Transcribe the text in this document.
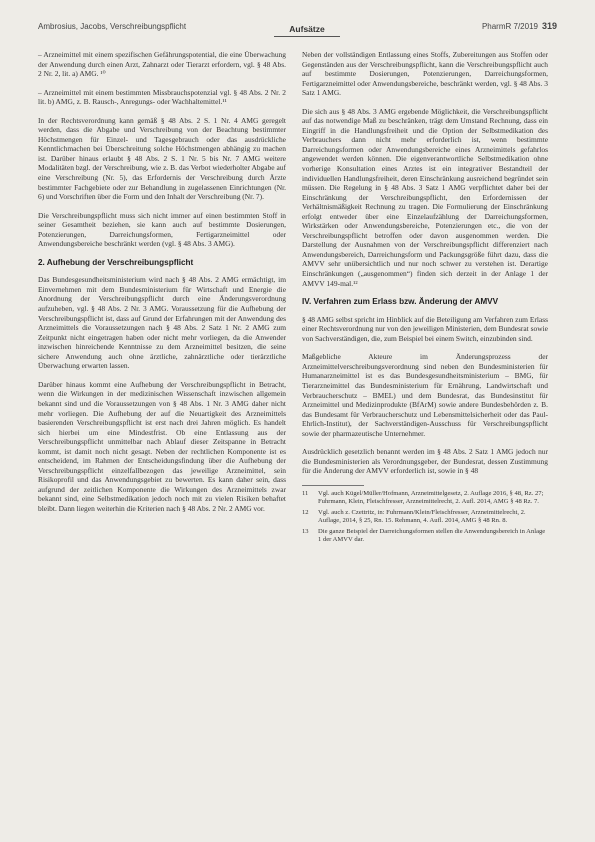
Ambrosius, Jacobs, Verschreibungspflicht	Aufsätze	PharmR 7/2019 319

– Arzneimittel mit einem spezifischen Gefährungspotential, die eine Überwachung der Anwendung durch einen Arzt, Zahnarzt oder Tierarzt erfordern, vgl. § 48 Abs. 2 Nr. 2, lit. a) AMG. ¹⁰

– Arzneimittel mit einem bestimmten Missbrauchspotenzial vgl. § 48 Abs. 2 Nr. 2 lit. b) AMG, z. B. Rausch-, Anregungs- oder Wachhaltemittel.¹¹

In der Rechtsverordnung kann gemäß § 48 Abs. 2 S. 1 Nr. 4 AMG geregelt werden, dass die Abgabe und Verschreibung von der Beachtung bestimmter Höchstmengen für Einzel- und Tagesgebrauch oder das ausdrückliche Kenntlichmachen bei Überschreitung solche Höchstmengen abhängig zu machen ist. Darüber hinaus erlaubt § 48 Abs. 2 S. 1 Nr. 5 bis Nr. 7 AMG weitere Modalitäten bzgl. der Verschreibung, wie z. B. das Verbot wiederholter Abgabe auf eine Verschreibung (Nr. 5), das Erfordernis der Verschreibung durch Ärzte bestimmter Fachgebiete oder zur Behandlung in zugelassenen Einrichtungen (Nr. 6) und Vorschriften über die Form und den Inhalt der Verschreibung (Nr. 7).

Die Verschreibungspflicht muss sich nicht immer auf einen bestimmten Stoff in seiner Gesamtheit beziehen, sie kann auch auf bestimmte Dosierungen, Potenzierungen, Darreichungsformen, Fertigarzneimittel oder Anwendungsbereiche beschränkt werden (vgl. § 48 Abs. 3 AMG).

2. Aufhebung der Verschreibungspflicht

Das Bundesgesundheitsministerium wird nach § 48 Abs. 2 AMG ermächtigt, im Einvernehmen mit dem Bundesministerium für Wirtschaft und Energie die Anordnung der Verschreibungspflicht durch eine Änderungsverordnung aufzuheben, vgl. § 48 Abs. 2 Nr. 3 AMG. Voraussetzung für die Aufhebung der Verschreibungspflicht ist, dass auf Grund der Erfahrungen mit der Anwendung des Arzneimittels die Voraussetzungen nach § 48 Abs. 2 Satz 1 Nr. 2 AMG zum Zeitpunkt nicht eingetragen haben oder nicht mehr vorliegen, da die Anwender inzwischen hinreichende Kenntnisse zu dem Arzneimittel besitzen, die seine sichere Anwendung auch ohne ärztliche, zahnärztliche oder tierärztliche Überwachung erwarten lassen.

Darüber hinaus kommt eine Aufhebung der Verschreibungspflicht in Betracht, wenn die Wirkungen in der medizinischen Wissenschaft inzwischen allgemein bekannt sind und die Voraussetzungen von § 48 Abs. 1 Nr. 3 AMG daher nicht mehr vorliegen. Die Aufhebung der auf die Neuartigkeit des Arzneimittels basierenden Verschreibungspflicht ist erst nach drei Jahren möglich. Es handelt sich hierbei um eine Mindestfrist. Ob eine Entlassung aus der Verschreibungspflicht unmittelbar nach Ablauf dieser Zeitspanne in Betracht kommt, ist damit noch nicht gesagt. Neben der rechtlichen Komponente ist es entscheidend, im Rahmen der Entscheidungsfindung über die Aufhebung der Verschreibungspflicht einzelfallbezogen das jeweilige Arzneimittel, sein Risikoprofil und das Anwendungsgebiet zu bewerten. Es kann daher sein, dass aufgrund der zeitlichen Komponente die Wirkungen des Arzneimittels zwar bekannt sind, eine Selbstmedikation jedoch noch mit zu vielen Risiken behaftet bleibt. Dann liegen weiterhin die Kriterien nach § 48 Abs. 2 Nr. 2 AMG vor.

Neben der vollständigen Entlassung eines Stoffs, Zubereitungen aus Stoffen oder Gegenständen aus der Verschreibungspflicht, kann die Verschreibungspflicht auch auf bestimmte Dosierungen, Potenzierungen, Darreichungsformen, Fertigarzneimittel oder Anwendungsbereiche, beschränkt werden, vgl. § 48 Abs. 3 Satz 1 AMG.

Die sich aus § 48 Abs. 3 AMG ergebende Möglichkeit, die Verschreibungspflicht auf das notwendige Maß zu beschränken, trägt dem Umstand Rechnung, dass ein Eingriff in die Handlungsfreiheit und die Option der Selbstmedikation des Verbrauchers dann nicht mehr erforderlich ist, wenn bestimmte Darreichungsformen oder Anwendungsbereiche eines Arzneimittels gefahrlos angewendet werden können. Die eigenverantwortliche Selbstmedikation ohne vorherige Konsultation eines Arztes ist ein integrativer Bestandteil der individuellen Handlungsfreiheit, deren Einschränkung ausreichend begründet sein müssen. Die Regelung in § 48 Abs. 3 Satz 1 AMG verpflichtet daher bei der Einschränkung der Verschreibungspflicht, den Erfordernissen der Verhältnismäßigkeit Rechnung zu tragen. Die Formulierung der Einschränkung erfolgt entweder über eine Einzelaufzählung der Darreichungsformen, Wirkstärken oder Anwendungsbereiche, Potenzierungen etc., die von der Verschreibungspflicht betroffen oder davon ausgenommen werden. Die Darstellung der Ausnahmen von der Verschreibungspflicht differenziert nach Anwendungsbereich, Darreichungsform und Packungsgröße führt dazu, dass die AMVV sehr unübersichtlich und nur noch schwer zu verstehen ist. Derartige Einschränkungen („ausgenommen“) finden sich derzeit in der Anlage 1 der AMVV 149-mal.¹²

IV. Verfahren zum Erlass bzw. Änderung der AMVV

§ 48 AMG selbst spricht im Hinblick auf die Beteiligung am Verfahren zum Erlass einer Rechtsverordnung nur von den jeweiligen Ministerien, dem Bundesrat sowie von Sachverständigen, die, zum Beispiel bei einem Switch, einzubinden sind.

Maßgebliche Akteure im Änderungsprozess der Arzneimittelverschreibungsverordnung sind neben den Bundesministerien für Humanarzneimittel ist es das Bundesgesundheitsministerium – BMG, für Tierarzneimittel das Bundesministerium für Ernährung, Landwirtschaft und Verbraucherschutz – BMEL) und dem Bundesrat, das Bundesinstitut für Arzneimittel und Medizinprodukte (BfArM) sowie andere Bundesbehörden z. B. das Bundesamt für Verbraucherschutz und Lebensmittelsicherheit oder das Paul-Ehrlich-Institut), der Sachverständigen-Ausschuss für Verschreibungspflicht sowie der pharmazeutische Unternehmer.

Ausdrücklich gesetzlich benannt werden im § 48 Abs. 2 Satz 1 AMG jedoch nur die Bundesministerien als Verordnungsgeber, der Bundesrat, dessen Zustimmung für die Änderung der AMVV erforderlich ist, sowie in § 48

11	Vgl. auch Kügel/Müller/Hofmann, Arzneimittelgesetz, 2. Auflage 2016, § 48, Rz. 27; Fuhrmann, Klein, Fleischfresser, Arzneimittelrecht, 2. Aufl. 2014, AMG § 48 Rz. 7.
12	Vgl. auch z. Czettritz, in: Fuhrmann/Klein/Fleischfresser, Arzneimittelrecht, 2. Auflage, 2014, § 25, Rn. 15. Rehmann, 4. Aufl. 2014, AMG § 48 Rn. 8.
13	Die ganze Beispiel der Darreichungsformen stellen die Anwendungsbereich in Anlage 1 der AMVV dar.
